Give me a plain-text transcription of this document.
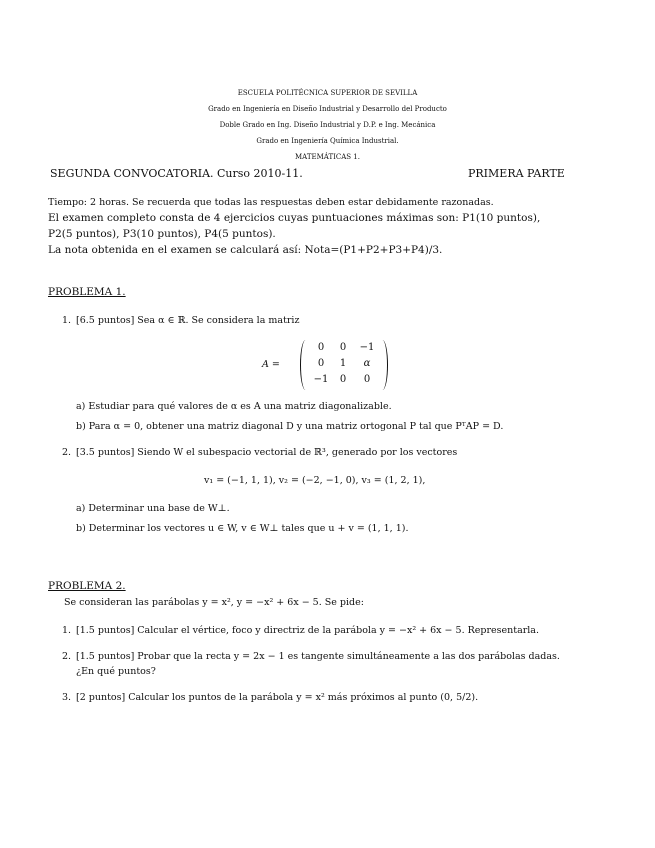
ESCUELA POLITÉCNICA SUPERIOR DE SEVILLA
Grado en Ingeniería en Diseño Industrial y Desarrollo del Producto
Doble Grado en Ing. Diseño Industrial y D.P. e Ing. Mecánica
Grado en Ingeniería Química Industrial.
MATEMÁTICAS 1.
SEGUNDA CONVOCATORIA. Curso 2010-11.	PRIMERA PARTE
Tiempo: 2 horas. Se recuerda que todas las respuestas deben estar debidamente razonadas.
El examen completo consta de 4 ejercicios cuyas puntuaciones máximas son: P1(10 puntos),
P2(5 puntos), P3(10 puntos), P4(5 puntos).
La nota obtenida en el examen se calculará así: Nota=(P1+P2+P3+P4)/3.
PROBLEMA 1.
1. [6.5 puntos] Sea α ∈ ℝ. Se considera la matriz
A =
0	0	−1
0	1	α
−1	0	0
a) Estudiar para qué valores de α es A una matriz diagonalizable.
b) Para α = 0, obtener una matriz diagonal D y una matriz ortogonal P tal que PᵀAP = D.
2. [3.5 puntos] Siendo W el subespacio vectorial de ℝ³, generado por los vectores
v₁ = (−1, 1, 1), v₂ = (−2, −1, 0), v₃ = (1, 2, 1),
a) Determinar una base de W⊥.
b) Determinar los vectores u ∈ W, v ∈ W⊥ tales que u + v = (1, 1, 1).
PROBLEMA 2.
Se consideran las parábolas y = x², y = −x² + 6x − 5. Se pide:
1. [1.5 puntos] Calcular el vértice, foco y directriz de la parábola y = −x² + 6x − 5. Representarla.
2. [1.5 puntos] Probar que la recta y = 2x − 1 es tangente simultáneamente a las dos parábolas dadas.
¿En qué puntos?
3. [2 puntos] Calcular los puntos de la parábola y = x² más próximos al punto (0, 5/2).
